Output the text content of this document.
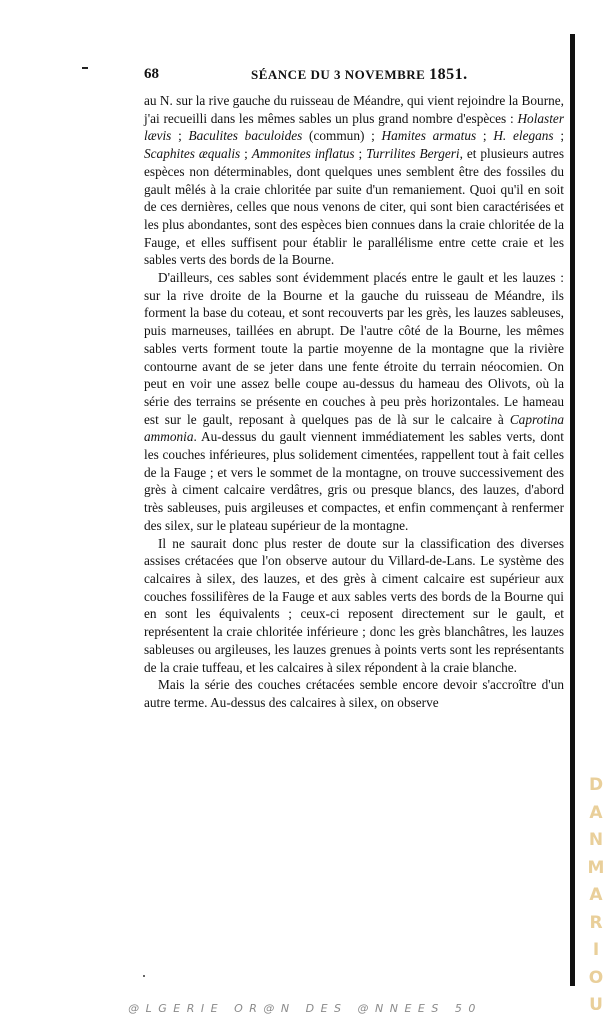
68	SÉANCE DU 3 NOVEMBRE 1851.

au N. sur la rive gauche du ruisseau de Méandre, qui vient rejoindre la Bourne, j'ai recueilli dans les mêmes sables un plus grand nombre d'espèces : Holaster lævis ; Baculites baculoides (commun) ; Hamites armatus ; H. elegans ; Scaphites æqualis ; Ammonites inflatus ; Turrilites Bergeri, et plusieurs autres espèces non déterminables, dont quelques unes semblent être des fossiles du gault mêlés à la craie chloritée par suite d'un remaniement. Quoi qu'il en soit de ces dernières, celles que nous venons de citer, qui sont bien caractérisées et les plus abondantes, sont des espèces bien connues dans la craie chloritée de la Fauge, et elles suffisent pour établir le parallélisme entre cette craie et les sables verts des bords de la Bourne.

D'ailleurs, ces sables sont évidemment placés entre le gault et les lauzes : sur la rive droite de la Bourne et la gauche du ruisseau de Méandre, ils forment la base du coteau, et sont recouverts par les grès, les lauzes sableuses, puis marneuses, taillées en abrupt. De l'autre côté de la Bourne, les mêmes sables verts forment toute la partie moyenne de la montagne que la rivière contourne avant de se jeter dans une fente étroite du terrain néocomien. On peut en voir une assez belle coupe au-dessus du hameau des Olivots, où la série des terrains se présente en couches à peu près horizontales. Le hameau est sur le gault, reposant à quelques pas de là sur le calcaire à Caprotina ammonia. Au-dessus du gault viennent immédiatement les sables verts, dont les couches inférieures, plus solidement cimentées, rappellent tout à fait celles de la Fauge ; et vers le sommet de la montagne, on trouve successivement des grès à ciment calcaire verdâtres, gris ou presque blancs, des lauzes, d'abord très sableuses, puis argileuses et compactes, et enfin commençant à renfermer des silex, sur le plateau supérieur de la montagne.

Il ne saurait donc plus rester de doute sur la classification des diverses assises crétacées que l'on observe autour du Villard-de-Lans. Le système des calcaires à silex, des lauzes, et des grès à ciment calcaire est supérieur aux couches fossilifères de la Fauge et aux sables verts des bords de la Bourne qui en sont les équivalents ; ceux-ci reposent directement sur le gault, et représentent la craie chloritée inférieure ; donc les grès blanchâtres, les lauzes sableuses ou argileuses, les lauzes grenues à points verts sont les représentants de la craie tuffeau, et les calcaires à silex répondent à la craie blanche.

Mais la série des couches crétacées semble encore devoir s'accroître d'un autre terme. Au-dessus des calcaires à silex, on observe

D
A
N
M
A
R
I
O
U
@LGERIE OR@N DES @NNEES 50
